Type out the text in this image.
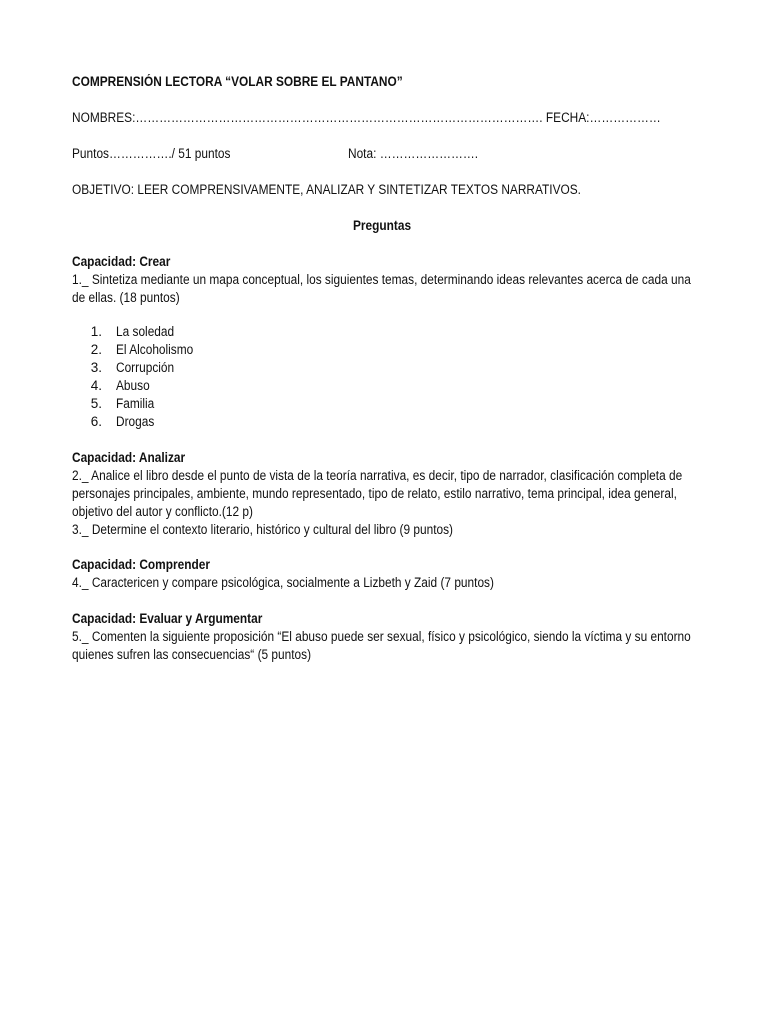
COMPRENSIÓN LECTORA “VOLAR SOBRE EL PANTANO”
NOMBRES:…………………………………………………………………………………………. FECHA:………………
Puntos……………./ 51 puntos	Nota: …………………….
OBJETIVO: LEER COMPRENSIVAMENTE, ANALIZAR Y SINTETIZAR TEXTOS NARRATIVOS.
Preguntas
Capacidad: Crear
1._ Sintetiza mediante un mapa conceptual, los siguientes temas, determinando ideas relevantes acerca de cada una de ellas. (18 puntos)
1. La soledad
2. El Alcoholismo
3. Corrupción
4. Abuso
5. Familia
6. Drogas
Capacidad: Analizar
2._ Analice el libro desde el punto de vista de la teoría narrativa, es decir, tipo de narrador, clasificación completa de personajes principales, ambiente, mundo representado, tipo de relato, estilo narrativo, tema principal, idea general, objetivo del autor y conflicto.(12 p)
3._ Determine el contexto literario, histórico y cultural del libro (9 puntos)
Capacidad: Comprender
4._ Caractericen y compare psicológica, socialmente a Lizbeth y Zaid (7 puntos)
Capacidad: Evaluar y Argumentar
5._ Comenten la siguiente proposición “El abuso puede ser sexual, físico y psicológico, siendo la víctima y su entorno quienes sufren las consecuencias“ (5 puntos)
